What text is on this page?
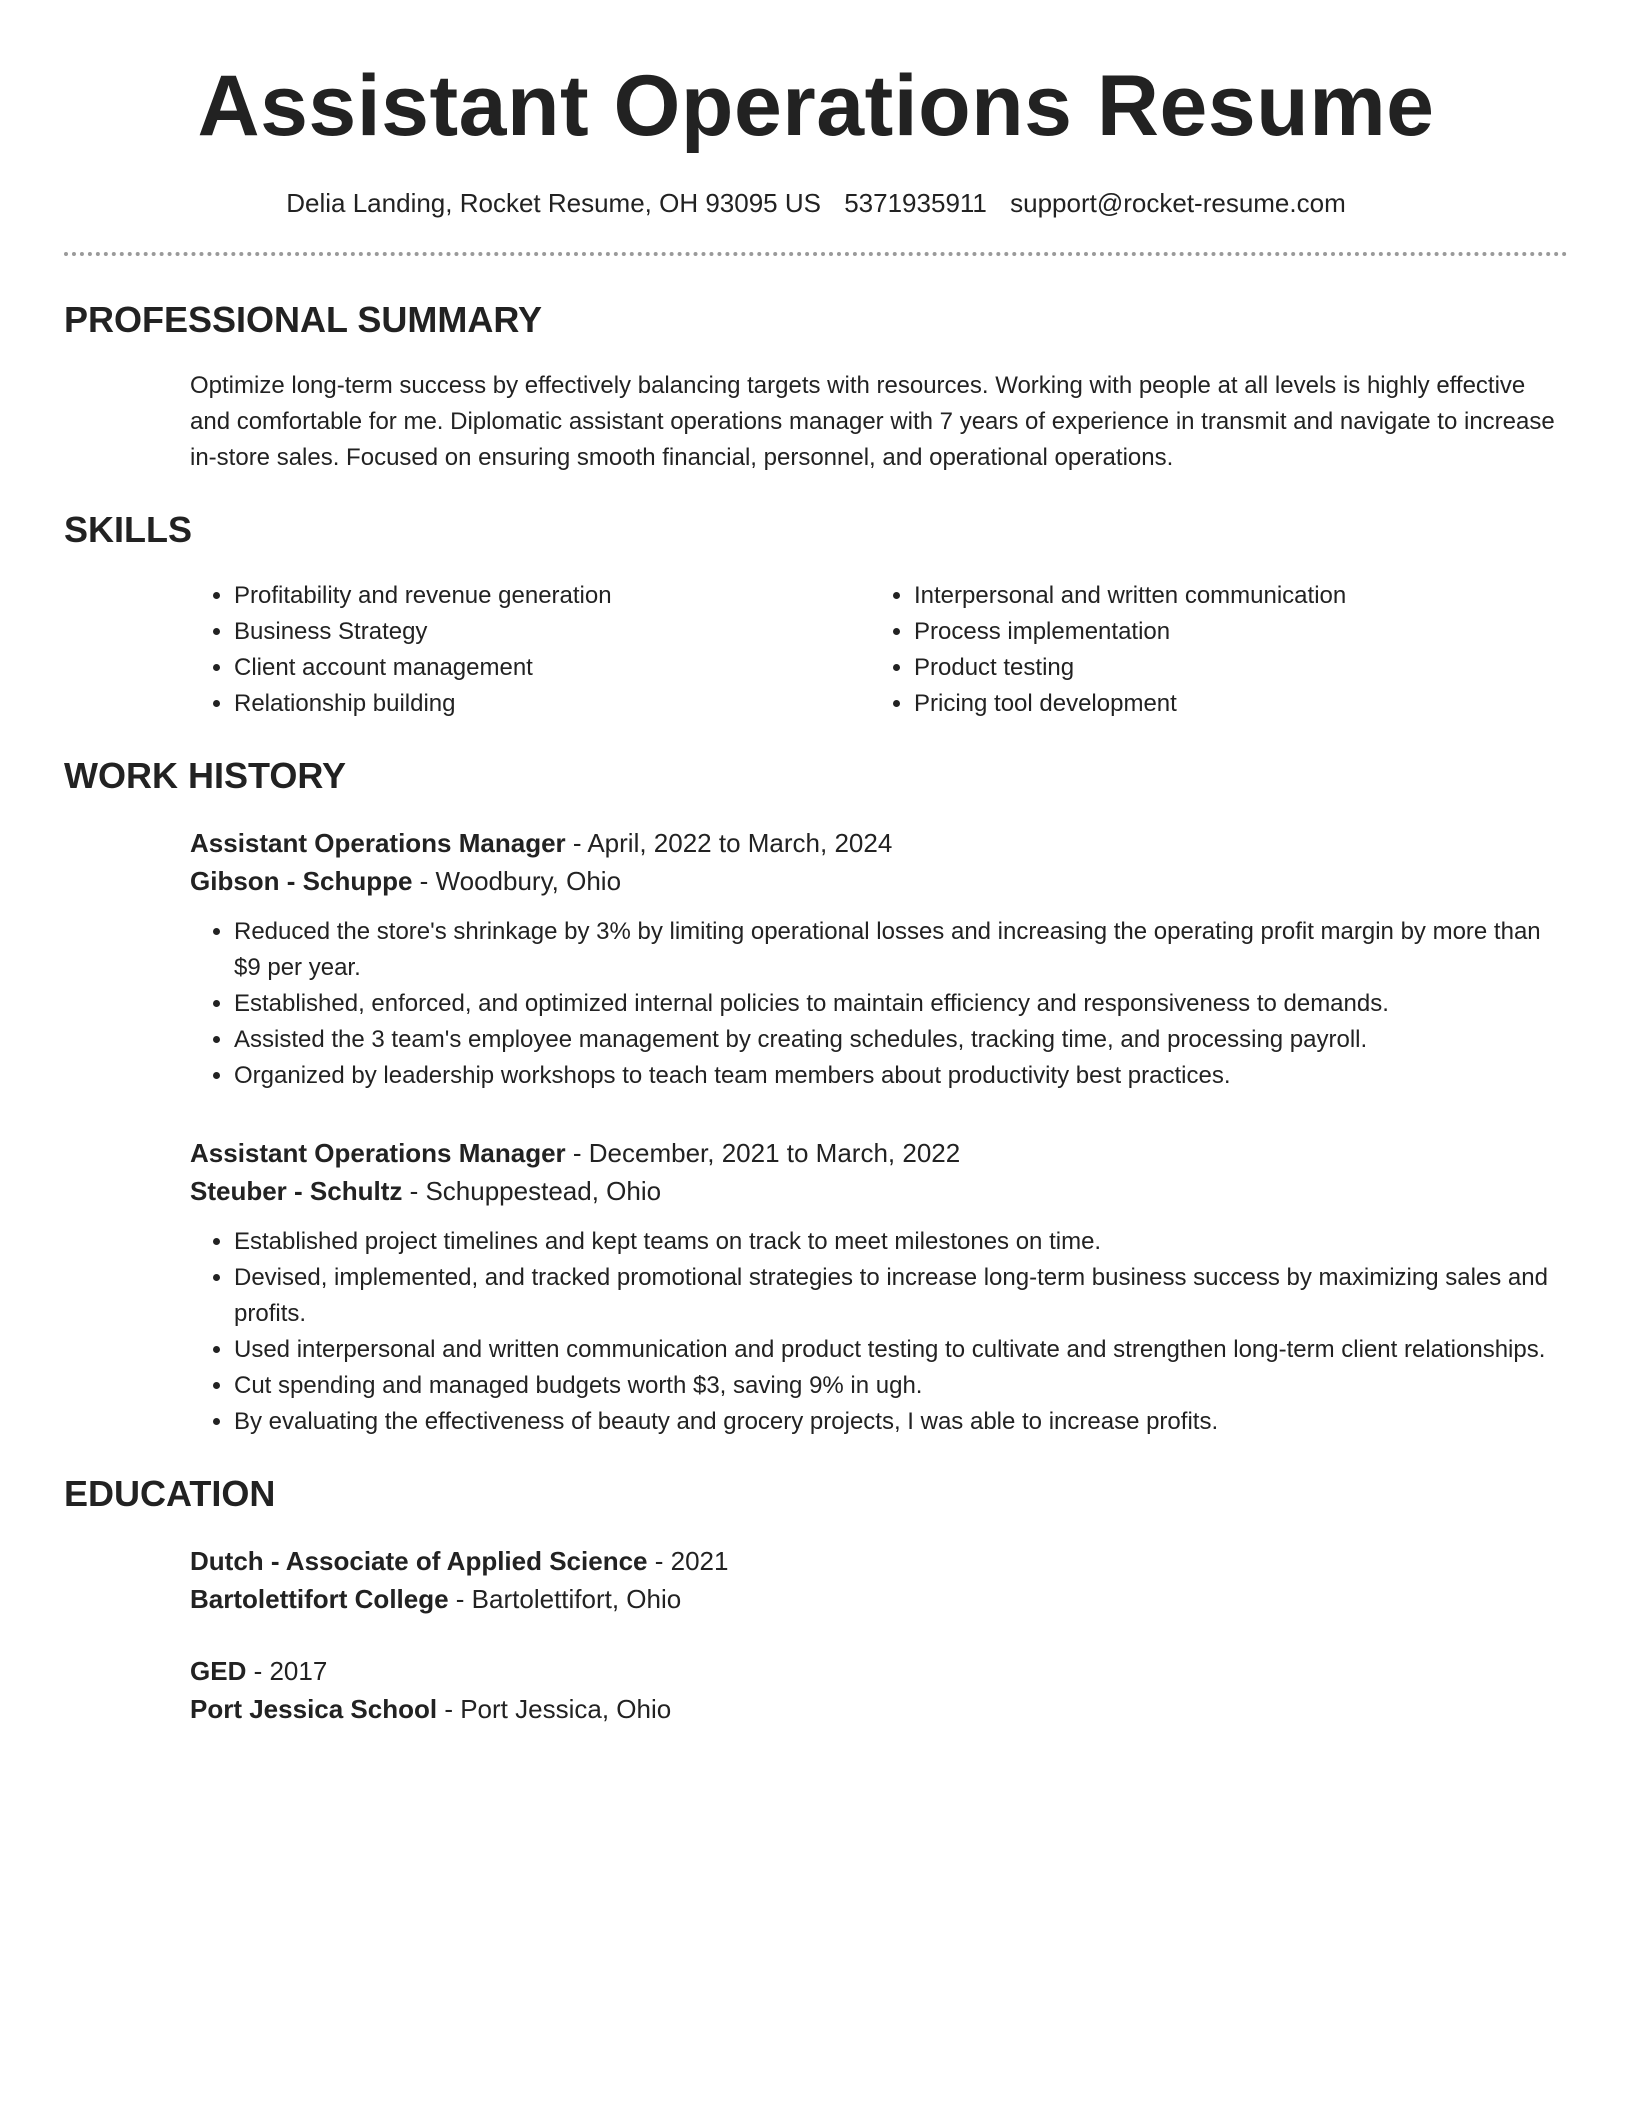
Assistant Operations Resume
Delia Landing, Rocket Resume, OH 93095 US 5371935911 support@rocket-resume.com
PROFESSIONAL SUMMARY
Optimize long-term success by effectively balancing targets with resources. Working with people at all levels is highly effective and comfortable for me. Diplomatic assistant operations manager with 7 years of experience in transmit and navigate to increase in-store sales. Focused on ensuring smooth financial, personnel, and operational operations.
SKILLS
• Profitability and revenue generation
• Business Strategy
• Client account management
• Relationship building
• Interpersonal and written communication
• Process implementation
• Product testing
• Pricing tool development
WORK HISTORY
Assistant Operations Manager - April, 2022 to March, 2024
Gibson - Schuppe - Woodbury, Ohio
• Reduced the store's shrinkage by 3% by limiting operational losses and increasing the operating profit margin by more than $9 per year.
• Established, enforced, and optimized internal policies to maintain efficiency and responsiveness to demands.
• Assisted the 3 team's employee management by creating schedules, tracking time, and processing payroll.
• Organized by leadership workshops to teach team members about productivity best practices.
Assistant Operations Manager - December, 2021 to March, 2022
Steuber - Schultz - Schuppestead, Ohio
• Established project timelines and kept teams on track to meet milestones on time.
• Devised, implemented, and tracked promotional strategies to increase long-term business success by maximizing sales and profits.
• Used interpersonal and written communication and product testing to cultivate and strengthen long-term client relationships.
• Cut spending and managed budgets worth $3, saving 9% in ugh.
• By evaluating the effectiveness of beauty and grocery projects, I was able to increase profits.
EDUCATION
Dutch - Associate of Applied Science - 2021
Bartolettifort College - Bartolettifort, Ohio
GED - 2017
Port Jessica School - Port Jessica, Ohio
